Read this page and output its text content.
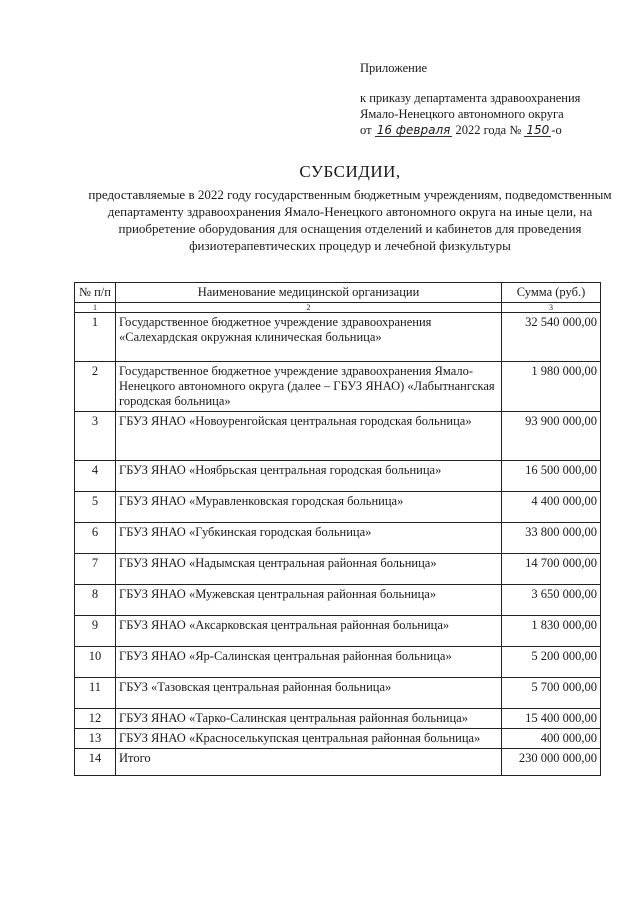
Приложение
к приказу департамента здравоохранения
Ямало-Ненецкого автономного округа
от 16 февраля 2022 года № 150 -о
СУБСИДИИ,
предоставляемые в 2022 году государственным бюджетным учреждениям, подведомственным департаменту здравоохранения Ямало-Ненецкого автономного округа на иные цели, на приобретение оборудования для оснащения отделений и кабинетов для проведения физиотерапевтических процедур и лечебной физкультуры
№ п/п	Наименование медицинской организации	Сумма (руб.)
1	2	3
1	Государственное бюджетное учреждение здравоохранения «Салехардская окружная клиническая больница»	32 540 000,00
2	Государственное бюджетное учреждение здравоохранения Ямало-Ненецкого автономного округа (далее – ГБУЗ ЯНАО) «Лабытнангская городская больница»	1 980 000,00
3	ГБУЗ ЯНАО «Новоуренгойская центральная городская больница»	93 900 000,00
4	ГБУЗ ЯНАО «Ноябрьская центральная городская больница»	16 500 000,00
5	ГБУЗ ЯНАО «Муравленковская городская больница»	4 400 000,00
6	ГБУЗ ЯНАО «Губкинская городская больница»	33 800 000,00
7	ГБУЗ ЯНАО «Надымская центральная районная больница»	14 700 000,00
8	ГБУЗ ЯНАО «Мужевская центральная районная больница»	3 650 000,00
9	ГБУЗ ЯНАО «Аксарковская центральная районная больница»	1 830 000,00
10	ГБУЗ ЯНАО «Яр-Салинская центральная районная больница»	5 200 000,00
11	ГБУЗ «Тазовская центральная районная больница»	5 700 000,00
12	ГБУЗ ЯНАО «Тарко-Салинская центральная районная больница»	15 400 000,00
13	ГБУЗ ЯНАО «Красноселькупская центральная районная больница»	400 000,00
14	Итого	230 000 000,00
